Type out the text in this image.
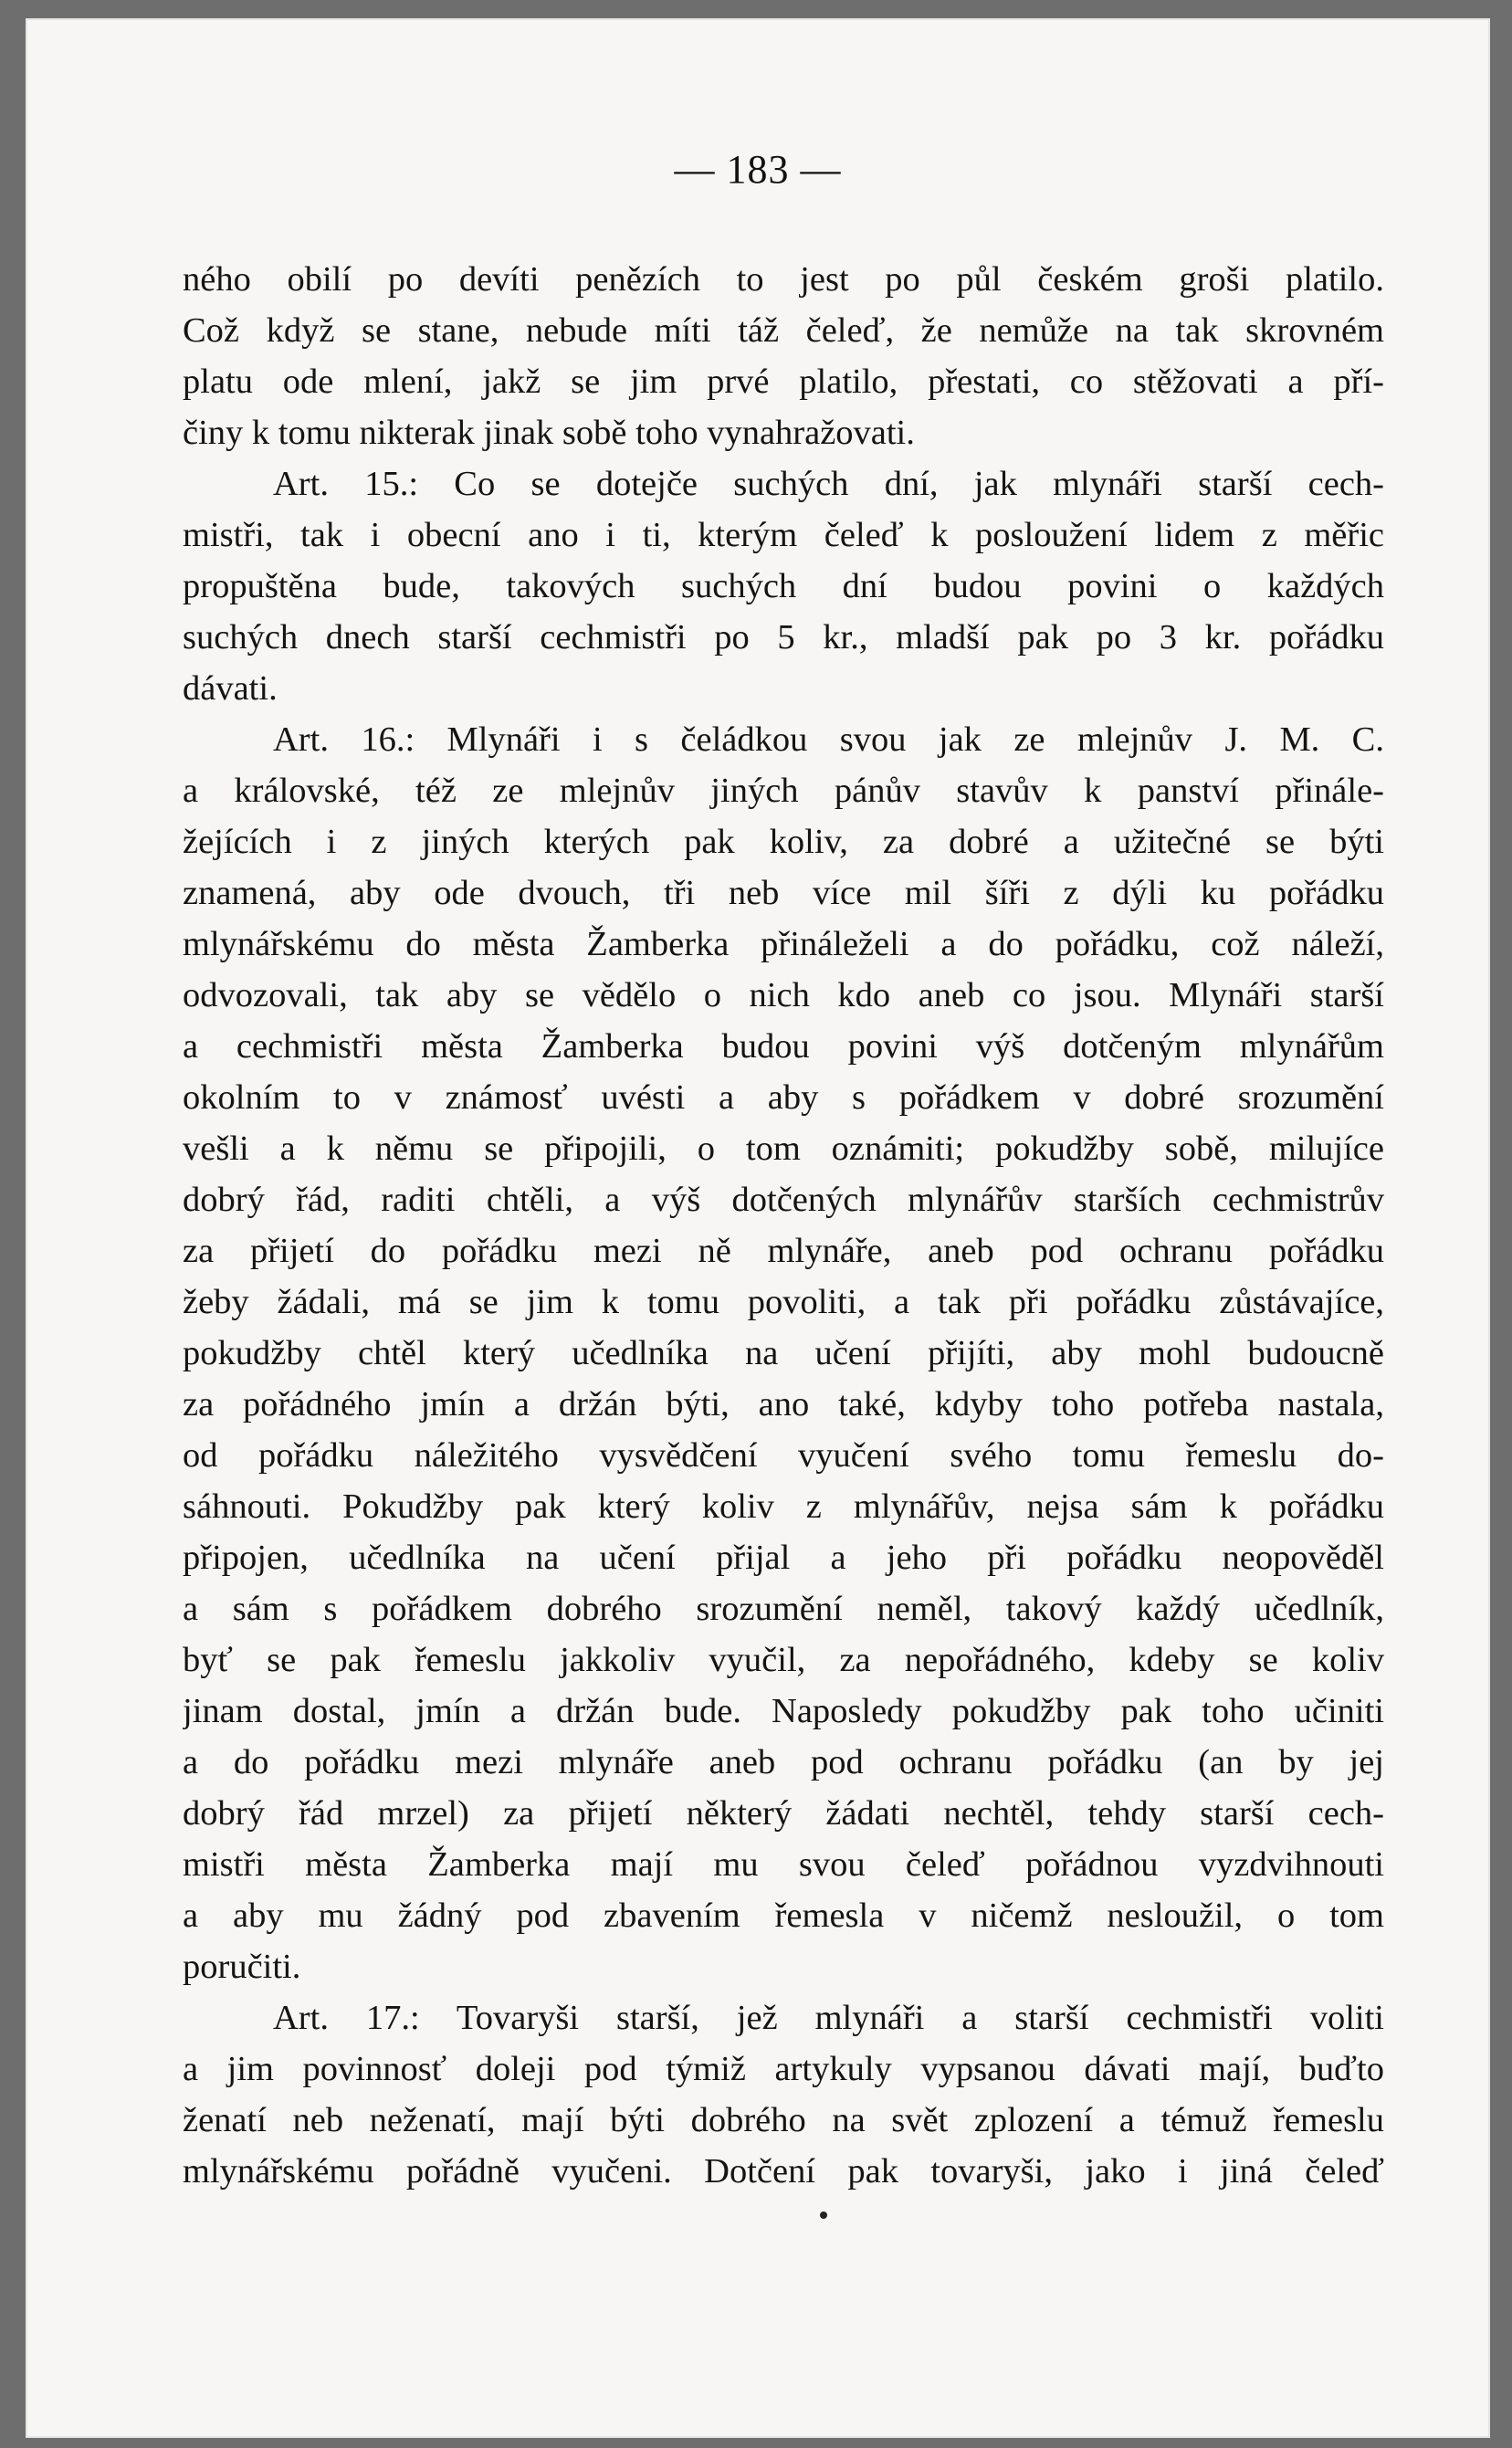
— 183 —
ného obilí po devíti penězích to jest po půl českém groši platilo.
Což když se stane, nebude míti táž čeleď, že nemůže na tak skrovném
platu ode mlení, jakž se jim prvé platilo, přestati, co stěžovati a pří-
činy k tomu nikterak jinak sobě toho vynahražovati.
Art. 15.: Co se dotejče suchých dní, jak mlynáři starší cech-
mistři, tak i obecní ano i ti, kterým čeleď k posloužení lidem z měřic
propuštěna bude, takových suchých dní budou povini o každých
suchých dnech starší cechmistři po 5 kr., mladší pak po 3 kr. pořádku
dávati.
Art. 16.: Mlynáři i s čeládkou svou jak ze mlejnův J. M. C.
a královské, též ze mlejnův jiných pánův stavův k panství přinále-
žejících i z jiných kterých pak koliv, za dobré a užitečné se býti
znamená, aby ode dvouch, tři neb více mil šíři z dýli ku pořádku
mlynářskému do města Žamberka přináleželi a do pořádku, což náleží,
odvozovali, tak aby se vědělo o nich kdo aneb co jsou. Mlynáři starší
a cechmistři města Žamberka budou povini výš dotčeným mlynářům
okolním to v známosť uvésti a aby s pořádkem v dobré srozumění
vešli a k němu se připojili, o tom oznámiti; pokudžby sobě, milujíce
dobrý řád, raditi chtěli, a výš dotčených mlynářův starších cechmistrův
za přijetí do pořádku mezi ně mlynáře, aneb pod ochranu pořádku
žeby žádali, má se jim k tomu povoliti, a tak při pořádku zůstávajíce,
pokudžby chtěl který učedlníka na učení přijíti, aby mohl budoucně
za pořádného jmín a držán býti, ano také, kdyby toho potřeba nastala,
od pořádku náležitého vysvědčení vyučení svého tomu řemeslu do-
sáhnouti. Pokudžby pak který koliv z mlynářův, nejsa sám k pořádku
připojen, učedlníka na učení přijal a jeho při pořádku neopověděl
a sám s pořádkem dobrého srozumění neměl, takový každý učedlník,
byť se pak řemeslu jakkoliv vyučil, za nepořádného, kdeby se koliv
jinam dostal, jmín a držán bude. Naposledy pokudžby pak toho učiniti
a do pořádku mezi mlynáře aneb pod ochranu pořádku (an by jej
dobrý řád mrzel) za přijetí některý žádati nechtěl, tehdy starší cech-
mistři města Žamberka mají mu svou čeleď pořádnou vyzdvihnouti
a aby mu žádný pod zbavením řemesla v ničemž nesloužil, o tom
poručiti.
Art. 17.: Tovaryši starší, jež mlynáři a starší cechmistři voliti
a jim povinnosť doleji pod týmiž artykuly vypsanou dávati mají, buďto
ženatí neb neženatí, mají býti dobrého na svět zplození a témuž řemeslu
mlynářskému pořádně vyučeni. Dotčení pak tovaryši, jako i jiná čeleď
